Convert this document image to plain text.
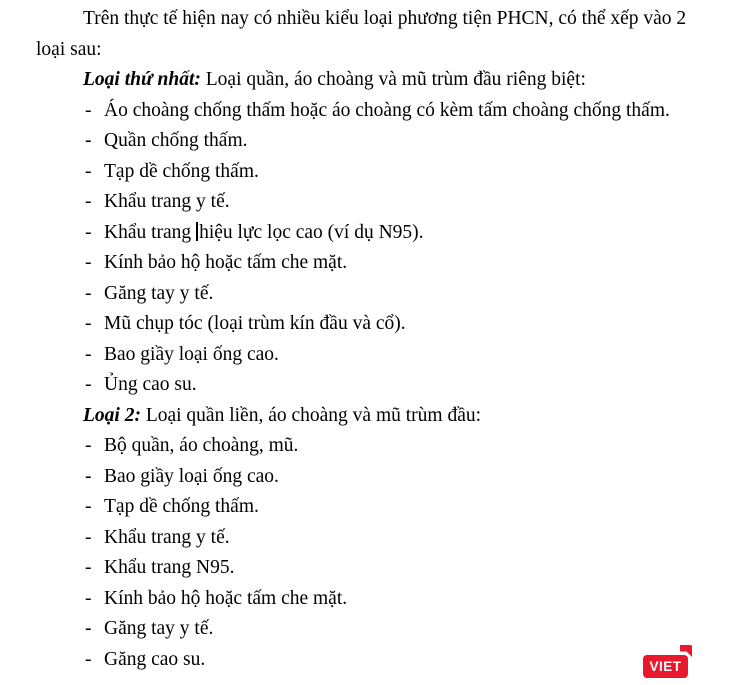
Trên thực tế hiện nay có nhiều kiểu loại phương tiện PHCN, có thể xếp vào 2 loại sau:

Loại thứ nhất: Loại quần, áo choàng và mũ trùm đầu riêng biệt:

- Áo choàng chống thấm hoặc áo choàng có kèm tấm choàng chống thấm.
- Quần chống thấm.
- Tạp dề chống thấm.
- Khẩu trang y tế.
- Khẩu trang hiệu lực lọc cao (ví dụ N95).
- Kính bảo hộ hoặc tấm che mặt.
- Găng tay y tế.
- Mũ chụp tóc (loại trùm kín đầu và cổ).
- Bao giầy loại ống cao.
- Ủng cao su.

Loại 2: Loại quần liền, áo choàng và mũ trùm đầu:

- Bộ quần, áo choàng, mũ.
- Bao giầy loại ống cao.
- Tạp dề chống thấm.
- Khẩu trang y tế.
- Khẩu trang N95.
- Kính bảo hộ hoặc tấm che mặt.
- Găng tay y tế.
- Găng cao su.	VIET
